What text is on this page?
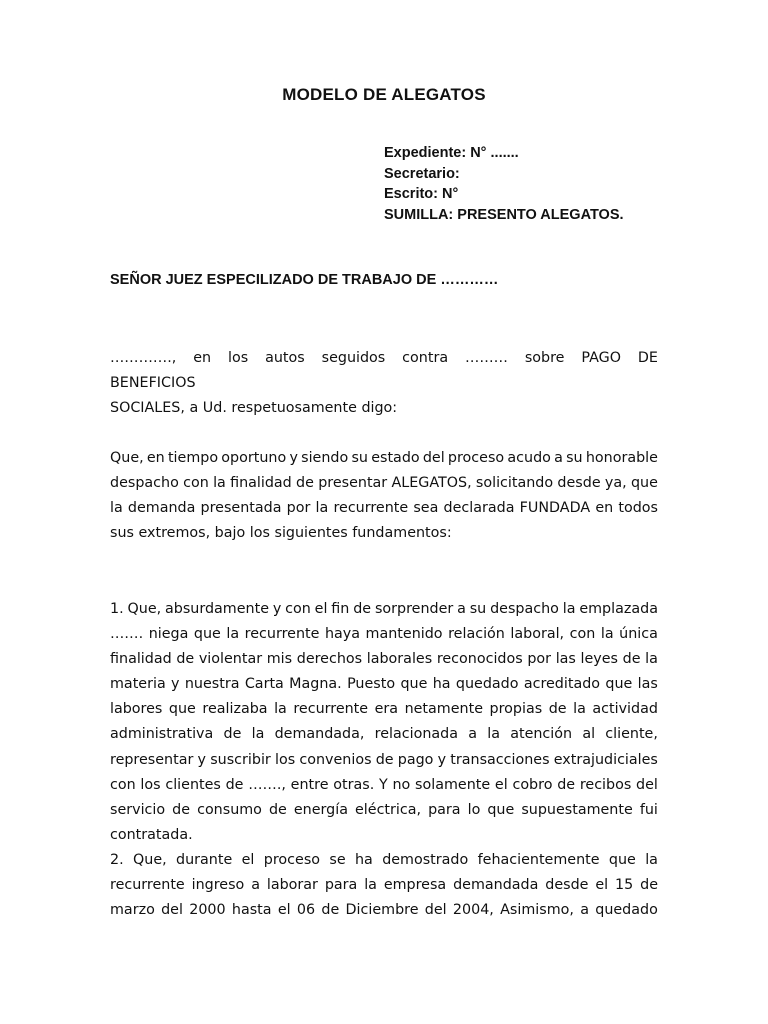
MODELO DE ALEGATOS
Expediente: N° .......
Secretario:
Escrito: N°
SUMILLA: PRESENTO ALEGATOS.
SEÑOR JUEZ ESPECILIZADO DE TRABAJO DE …………
…………., en los autos seguidos contra ……… sobre PAGO DE
BENEFICIOS
SOCIALES, a Ud. respetuosamente digo:
Que, en tiempo oportuno y siendo su estado del proceso acudo a su honorable
despacho con la finalidad de presentar ALEGATOS, solicitando desde ya, que
la demanda presentada por la recurrente sea declarada FUNDADA en todos
sus extremos, bajo los siguientes fundamentos:
1. Que, absurdamente y con el fin de sorprender a su despacho la emplazada
……. niega que la recurrente haya mantenido relación laboral, con la única
finalidad de violentar mis derechos laborales reconocidos por las leyes de la
materia y nuestra Carta Magna. Puesto que ha quedado acreditado que las
labores que realizaba la recurrente era netamente propias de la actividad
administrativa de la demandada, relacionada a la atención al cliente,
representar y suscribir los convenios de pago y transacciones extrajudiciales
con los clientes de ……., entre otras. Y no solamente el cobro de recibos del
servicio de consumo de energía eléctrica, para lo que supuestamente fui
contratada.
2. Que, durante el proceso se ha demostrado fehacientemente que la
recurrente ingreso a laborar para la empresa demandada desde el 15 de
marzo del 2000 hasta el 06 de Diciembre del 2004, Asimismo, a quedado
